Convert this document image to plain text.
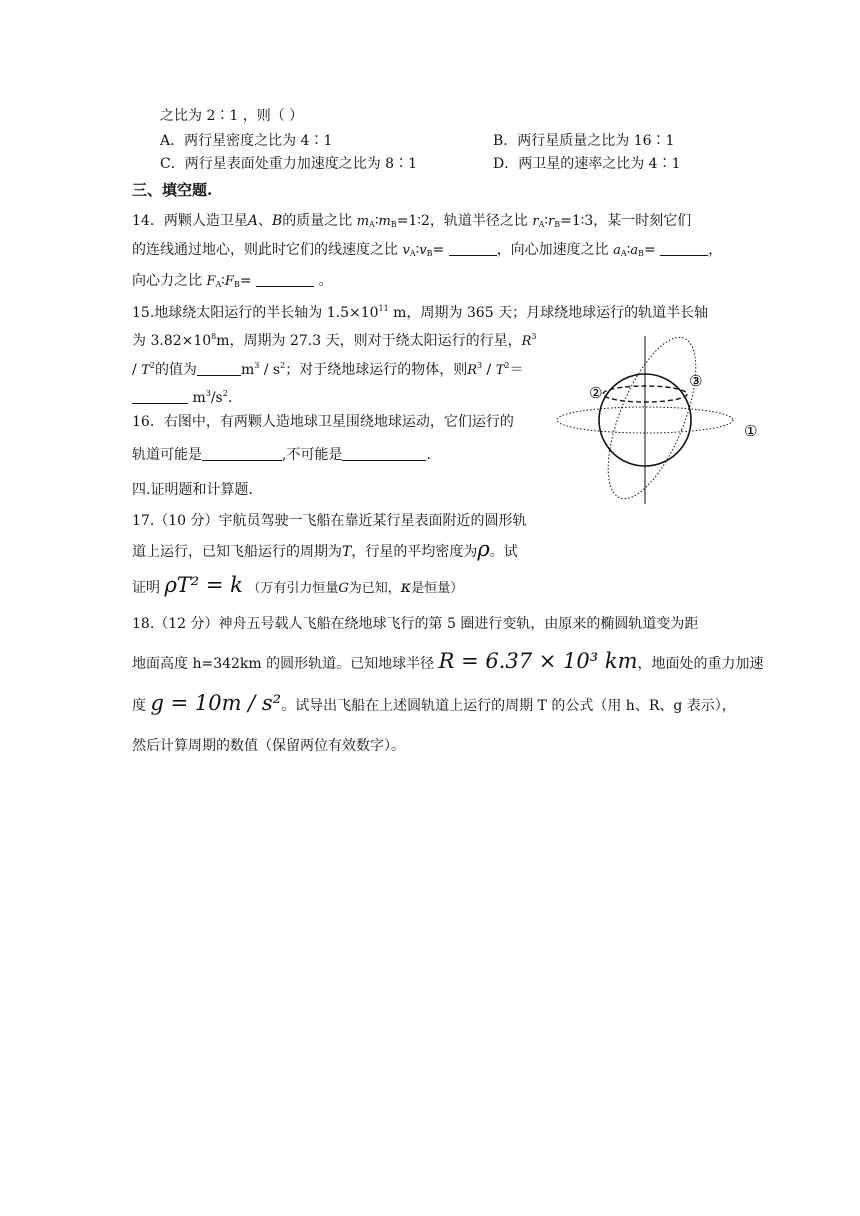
之比为 2∶1 ，则（ ）
A．两行星密度之比为 4∶1	B．两行星质量之比为 16∶1
C．两行星表面处重力加速度之比为 8∶1	D．两卫星的速率之比为 4∶1
三、填空题.
14．两颗人造卫星A、B的质量之比 $m_A∶m_B=1∶2$，轨道半径之比 $r_A∶r_B=1∶3$，某一时刻它们
的连线通过地心，则此时它们的线速度之比 $v_A∶v_B=$	，向心加速度之比 $a_A∶a_B=$	，
向心力之比 $F_A∶F_B=$	。
15.地球绕太阳运行的半长轴为 $1.5\times 10^{11}$ m，周期为 365 天；月球绕地球运行的轨道半长轴
为 $3.82\times 10^8m$，周期为 27.3 天，则对于绕太阳运行的行星，$R^3$
/ $T^2$的值为	$m^3 / s^2$；对于绕地球运行的物体，则$R^3 / T^2=$
$m^3/s^2$.
16．右图中，有两颗人造地球卫星围绕地球运动，它们运行的
轨道可能是	,不可能是	.
①
②
③
四.证明题和计算题.
17.（10 分）宇航员驾驶一飞船在靠近某行星表面附近的圆形轨
道上运行，已知飞船运行的周期为T，行星的平均密度为ρ。试
证明 ρT² = k （万有引力恒量G为已知，κ是恒量）
18.（12 分）神舟五号载人飞船在绕地球飞行的第 5 圈进行变轨，由原来的椭圆轨道变为距
地面高度 h=342km 的圆形轨道。已知地球半径 R = 6.37 × 10³ km，地面处的重力加速
度 g = 10m / s²。试导出飞船在上述圆轨道上运行的周期 T 的公式（用 h、R、g 表示），
然后计算周期的数值（保留两位有效数字）。
